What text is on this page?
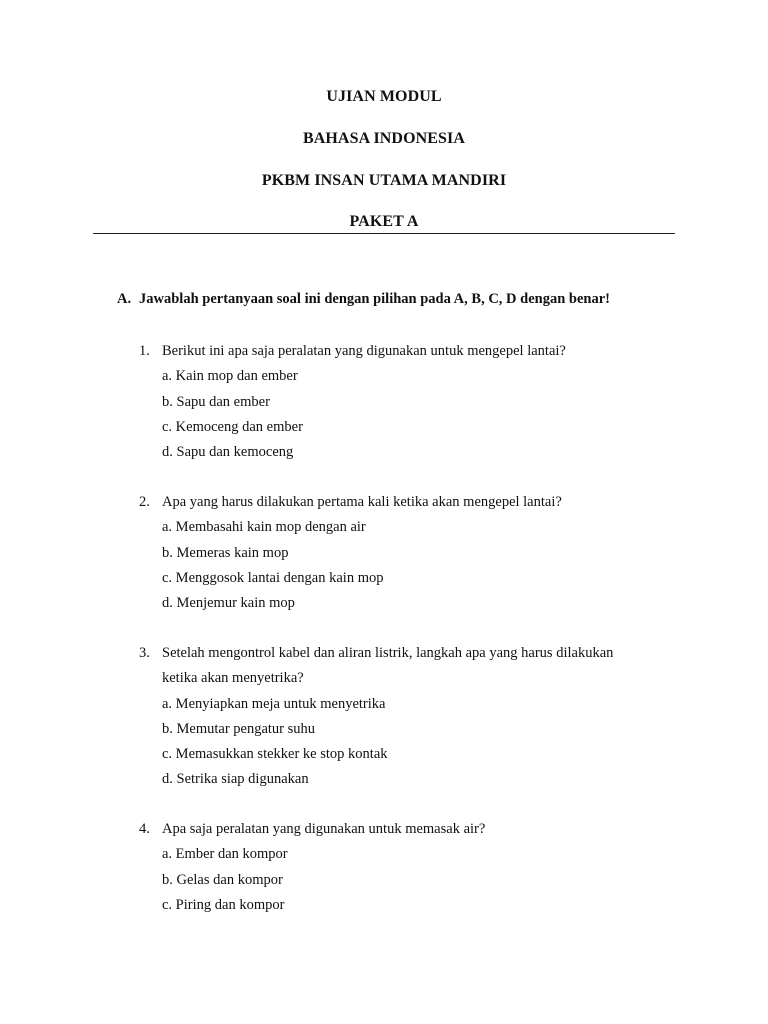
UJIAN MODUL
BAHASA INDONESIA
PKBM INSAN UTAMA MANDIRI
PAKET A
A. Jawablah pertanyaan soal ini dengan pilihan pada A, B, C, D dengan benar!
1. Berikut ini apa saja peralatan yang digunakan untuk mengepel lantai?
a. Kain mop dan ember
b. Sapu dan ember
c. Kemoceng dan ember
d. Sapu dan kemoceng
2. Apa yang harus dilakukan pertama kali ketika akan mengepel lantai?
a. Membasahi kain mop dengan air
b. Memeras kain mop
c. Menggosok lantai dengan kain mop
d. Menjemur kain mop
3. Setelah mengontrol kabel dan aliran listrik, langkah apa yang harus dilakukan
ketika akan menyetrika?
a. Menyiapkan meja untuk menyetrika
b. Memutar pengatur suhu
c. Memasukkan stekker ke stop kontak
d. Setrika siap digunakan
4. Apa saja peralatan yang digunakan untuk memasak air?
a. Ember dan kompor
b. Gelas dan kompor
c. Piring dan kompor
